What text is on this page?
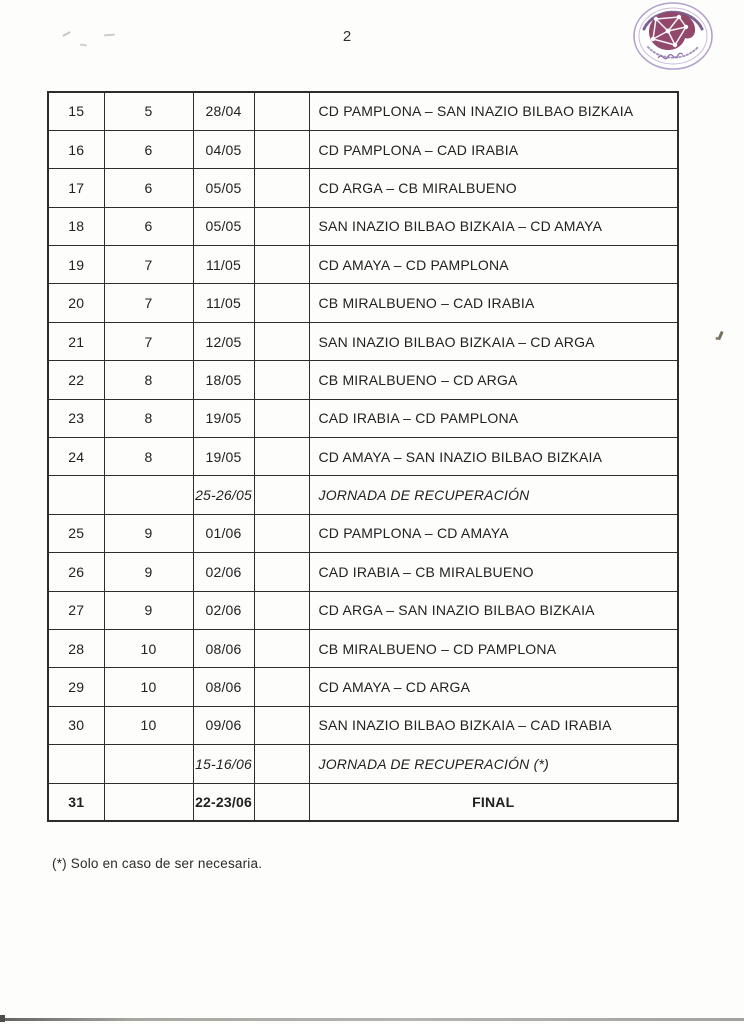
2
15	5	28/04		CD PAMPLONA – SAN INAZIO BILBAO BIZKAIA
16	6	04/05		CD PAMPLONA – CAD IRABIA
17	6	05/05		CD ARGA – CB MIRALBUENO
18	6	05/05		SAN INAZIO BILBAO BIZKAIA – CD AMAYA
19	7	11/05		CD AMAYA – CD PAMPLONA
20	7	11/05		CB MIRALBUENO – CAD IRABIA
21	7	12/05		SAN INAZIO BILBAO BIZKAIA – CD ARGA
22	8	18/05		CB MIRALBUENO – CD ARGA
23	8	19/05		CAD IRABIA – CD PAMPLONA
24	8	19/05		CD AMAYA – SAN INAZIO BILBAO BIZKAIA
		25-26/05		JORNADA DE RECUPERACIÓN
25	9	01/06		CD PAMPLONA – CD AMAYA
26	9	02/06		CAD IRABIA – CB MIRALBUENO
27	9	02/06		CD ARGA – SAN INAZIO BILBAO BIZKAIA
28	10	08/06		CB MIRALBUENO – CD PAMPLONA
29	10	08/06		CD AMAYA – CD ARGA
30	10	09/06		SAN INAZIO BILBAO BIZKAIA – CAD IRABIA
		15-16/06		JORNADA DE RECUPERACIÓN (*)
31		22-23/06		FINAL
(*) Solo en caso de ser necesaria.
